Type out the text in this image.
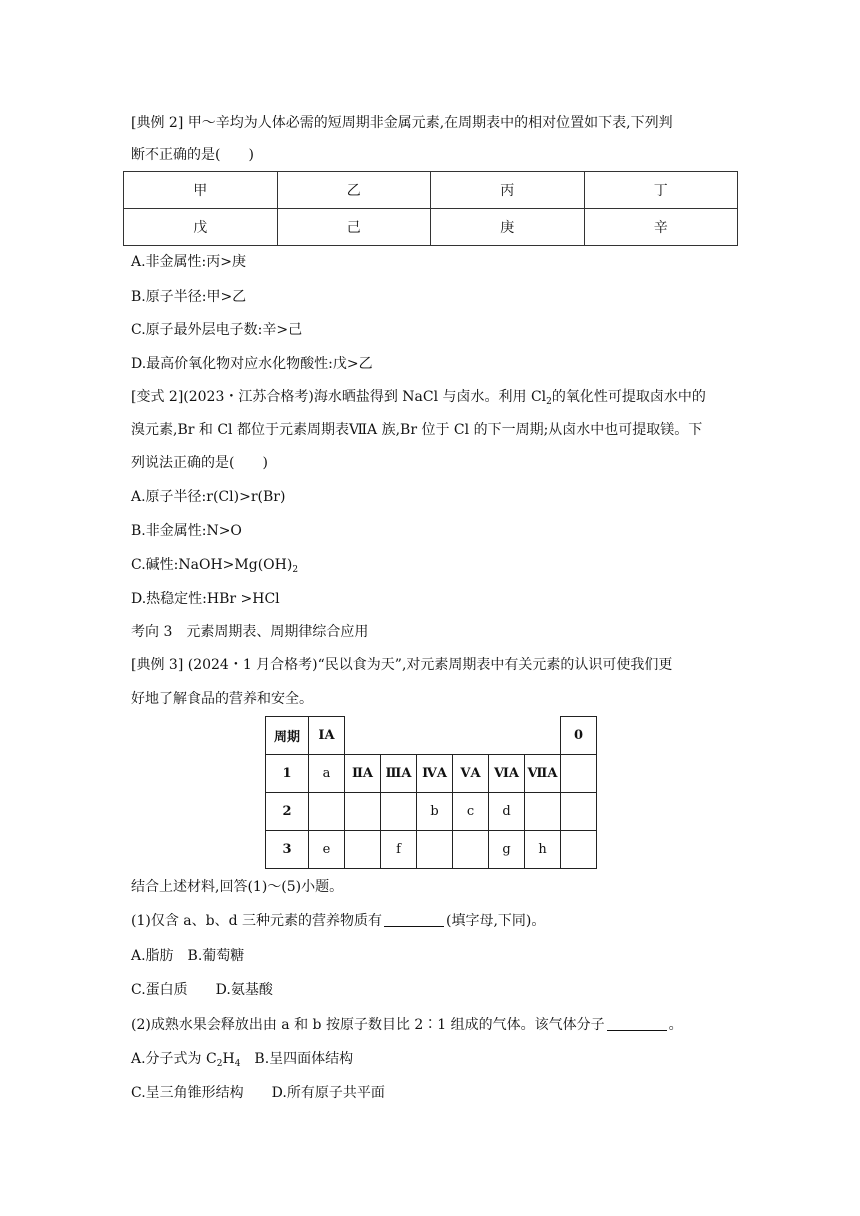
[典例 2] 甲～辛均为人体必需的短周期非金属元素,在周期表中的相对位置如下表,下列判
断不正确的是(　　)
甲	乙	丙	丁
戊	己	庚	辛
A.非金属性:丙>庚
B.原子半径:甲>乙
C.原子最外层电子数:辛>己
D.最高价氧化物对应水化物酸性:戊>乙
[变式 2](2023・江苏合格考)海水晒盐得到 NaCl 与卤水。利用 $Cl_2$的氧化性可提取卤水中的
溴元素,Br 和 Cl 都位于元素周期表ⅦA 族,Br 位于 Cl 的下一周期;从卤水中也可提取镁。下
列说法正确的是(　　)
A.原子半径:r(Cl)>r(Br)
B.非金属性:N>O
C.碱性$:NaOH>Mg(OH)_2$
D.热稳定性:HBr >HCl
考向 3　元素周期表、周期律综合应用
[典例 3] (2024・1 月合格考)“民以食为天”,对元素周期表中有关元素的认识可使我们更
好地了解食品的营养和安全。
周期	ⅠA							0
1	a	ⅡA	ⅢA	ⅣA	ⅤA	ⅥA	ⅦA	
2				b	c	d		
3	e		f			g	h	
结合上述材料,回答(1)～(5)小题。
(1)仅含 a、b、d 三种元素的营养物质有	(填字母,下同)。
A.脂肪　B.葡萄糖
C.蛋白质　　D.氨基酸
(2)成熟水果会释放出由 a 和 b 按原子数目比 2∶1 组成的气体。该气体分子	。
A.分子式为 $C_2H_4$　B.呈四面体结构
C.呈三角锥形结构　　D.所有原子共平面
